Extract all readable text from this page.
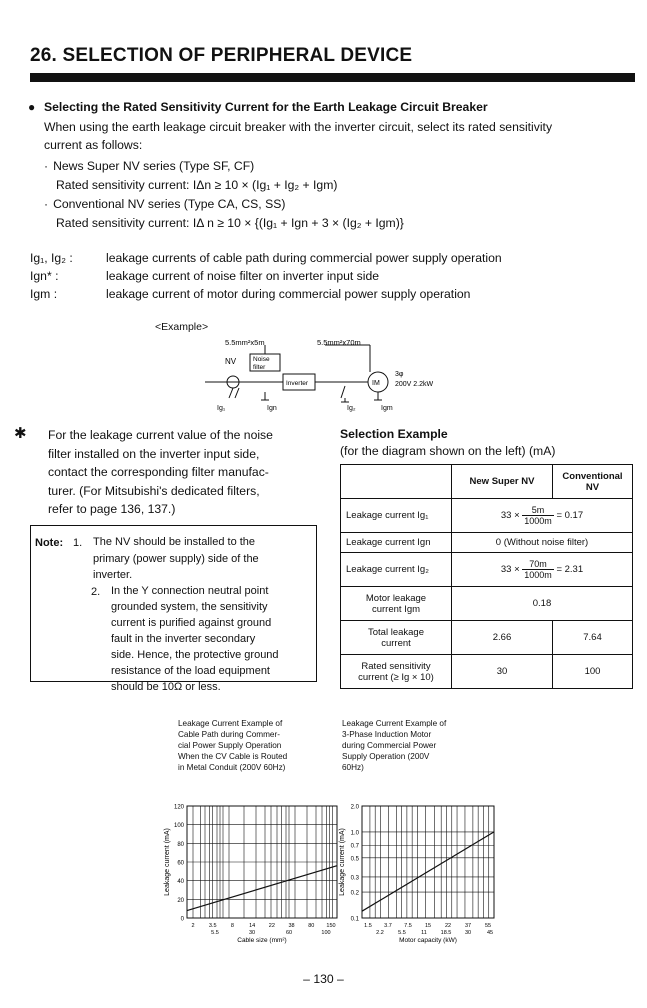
26. SELECTION OF PERIPHERAL DEVICE
● Selecting the Rated Sensitivity Current for the Earth Leakage Circuit Breaker
When using the earth leakage circuit breaker with the inverter circuit, select its rated sensitivity
current as follows:
· News Super NV series (Type SF, CF)
Rated sensitivity current: IΔn ≥ 10 × (Ig₁ + Ig₂ + Igm)
· Conventional NV series (Type CA, CS, SS)
Rated sensitivity current: IΔ n ≥ 10 × {(Ig₁ + Ign + 3 × (Ig₂ + Igm)}
Ig₁, Ig₂ :	leakage currents of cable path during commercial power supply operation
Ign* :	leakage current of noise filter on inverter input side
Igm :	leakage current of motor during commercial power supply operation
<Example>
5.5mm²x5m	5.5mm²x70m
NV	Noise
filter
Inverter	IM
3φ
200V 2.2kW
Ig₁	Ign	Ig₂	Igm
✱ For the leakage current value of the noise
filter installed on the inverter input side,
contact the corresponding filter manufac-
turer. (For Mitsubishi's dedicated filters,
refer to page 136, 137.)
Note: 1. The NV should be installed to the
primary (power supply) side of the
inverter.
2. In the Y connection neutral point
grounded system, the sensitivity
current is purified against ground
fault in the inverter secondary
side. Hence, the protective ground
resistance of the load equipment
should be 10Ω or less.
Selection Example
(for the diagram shown on the left) (mA)
	New Super NV	Conventional NV
Leakage current Ig₁	$33 \times \frac{5m}{1000m} = 0.17$	
Leakage current Ign	0 (Without noise filter)	
Leakage current Ig₂	$33 \times \frac{70m}{1000m} = 2.31$	

Motor leakage
current Igm	0.18	

Total leakage
current	2.66	7.64

Rated sensitivity
current (≥ Ig × 10)	30	100
Leakage Current Example of
Cable Path during Commer-
cial Power Supply Operation
When the CV Cable is Routed
in Metal Conduit (200V 60Hz)
Leakage Current Example of
3-Phase Induction Motor
during Commercial Power
Supply Operation (200V
60Hz)
120
100
80
60
40
20
0
Leakage current (mA)
2	3.5	8	14 22 38 80 150
5.5	30	60	100
Cable size (mm²)
2.0
1.0
0.7
0.5
0.3
0.2
0.1
Leakage current (mA)
1.5 3.7 7.5 15	22	37	55
2.2	5.5	11	18.5 30	45
Motor capacity (kW)
– 130 –
